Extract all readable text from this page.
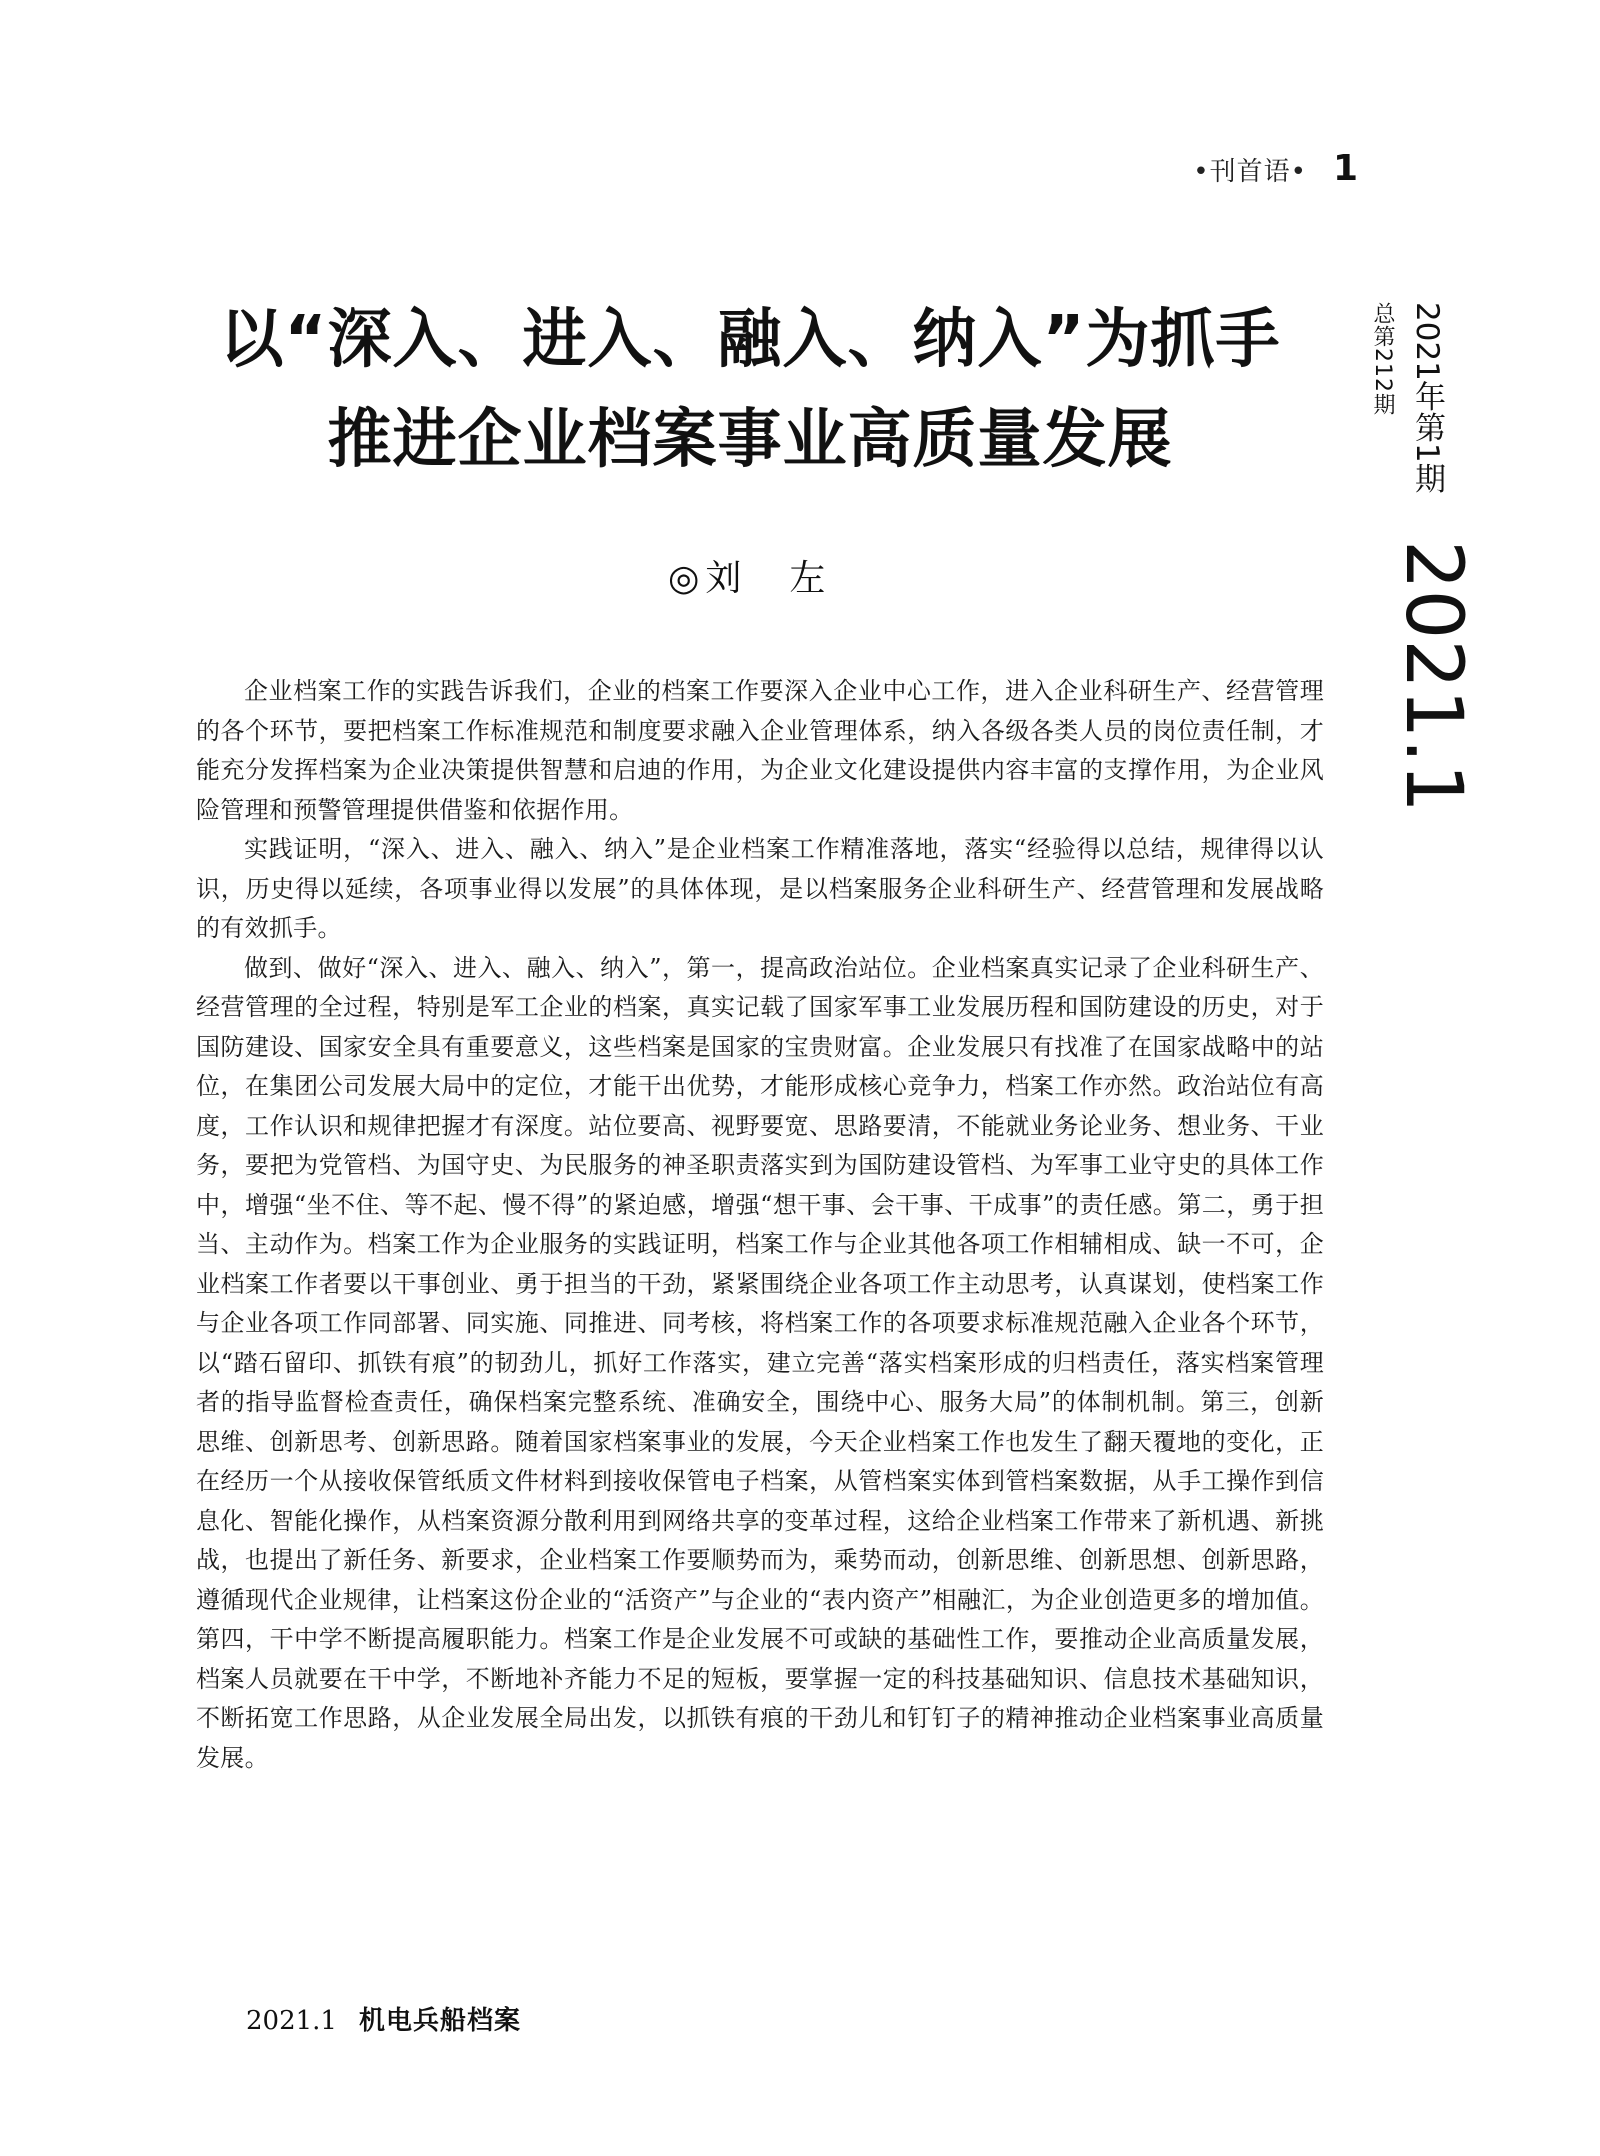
•刊首语• 1
以“深入、进入、融入、纳入”为抓手
推进企业档案事业高质量发展
◎刘　左
总第212期 2021年第1期
2021.1

企业档案工作的实践告诉我们，企业的档案工作要深入企业中心工作，进入企业科研生产、经营管理的各个环节，要把档案工作标准规范和制度要求融入企业管理体系，纳入各级各类人员的岗位责任制，才能充分发挥档案为企业决策提供智慧和启迪的作用，为企业文化建设提供内容丰富的支撑作用，为企业风险管理和预警管理提供借鉴和依据作用。

实践证明，“深入、进入、融入、纳入”是企业档案工作精准落地，落实“经验得以总结，规律得以认识，历史得以延续，各项事业得以发展”的具体体现，是以档案服务企业科研生产、经营管理和发展战略的有效抓手。

做到、做好“深入、进入、融入、纳入”，第一，提高政治站位。企业档案真实记录了企业科研生产、经营管理的全过程，特别是军工企业的档案，真实记载了国家军事工业发展历程和国防建设的历史，对于国防建设、国家安全具有重要意义，这些档案是国家的宝贵财富。企业发展只有找准了在国家战略中的站位，在集团公司发展大局中的定位，才能干出优势，才能形成核心竞争力，档案工作亦然。政治站位有高度，工作认识和规律把握才有深度。站位要高、视野要宽、思路要清，不能就业务论业务、想业务、干业务，要把为党管档、为国守史、为民服务的神圣职责落实到为国防建设管档、为军事工业守史的具体工作中，增强“坐不住、等不起、慢不得”的紧迫感，增强“想干事、会干事、干成事”的责任感。第二，勇于担当、主动作为。档案工作为企业服务的实践证明，档案工作与企业其他各项工作相辅相成、缺一不可，企业档案工作者要以干事创业、勇于担当的干劲，紧紧围绕企业各项工作主动思考，认真谋划，使档案工作与企业各项工作同部署、同实施、同推进、同考核，将档案工作的各项要求标准规范融入企业各个环节，以“踏石留印、抓铁有痕”的韧劲儿，抓好工作落实，建立完善“落实档案形成的归档责任，落实档案管理者的指导监督检查责任，确保档案完整系统、准确安全，围绕中心、服务大局”的体制机制。第三，创新思维、创新思考、创新思路。随着国家档案事业的发展，今天企业档案工作也发生了翻天覆地的变化，正在经历一个从接收保管纸质文件材料到接收保管电子档案，从管档案实体到管档案数据，从手工操作到信息化、智能化操作，从档案资源分散利用到网络共享的变革过程，这给企业档案工作带来了新机遇、新挑战，也提出了新任务、新要求，企业档案工作要顺势而为，乘势而动，创新思维、创新思想、创新思路，遵循现代企业规律，让档案这份企业的“活资产”与企业的“表内资产”相融汇，为企业创造更多的增加值。第四，干中学不断提高履职能力。档案工作是企业发展不可或缺的基础性工作，要推动企业高质量发展，档案人员就要在干中学，不断地补齐能力不足的短板，要掌握一定的科技基础知识、信息技术基础知识，不断拓宽工作思路，从企业发展全局出发，以抓铁有痕的干劲儿和钉钉子的精神推动企业档案事业高质量发展。

2021.1 机电兵船档案
